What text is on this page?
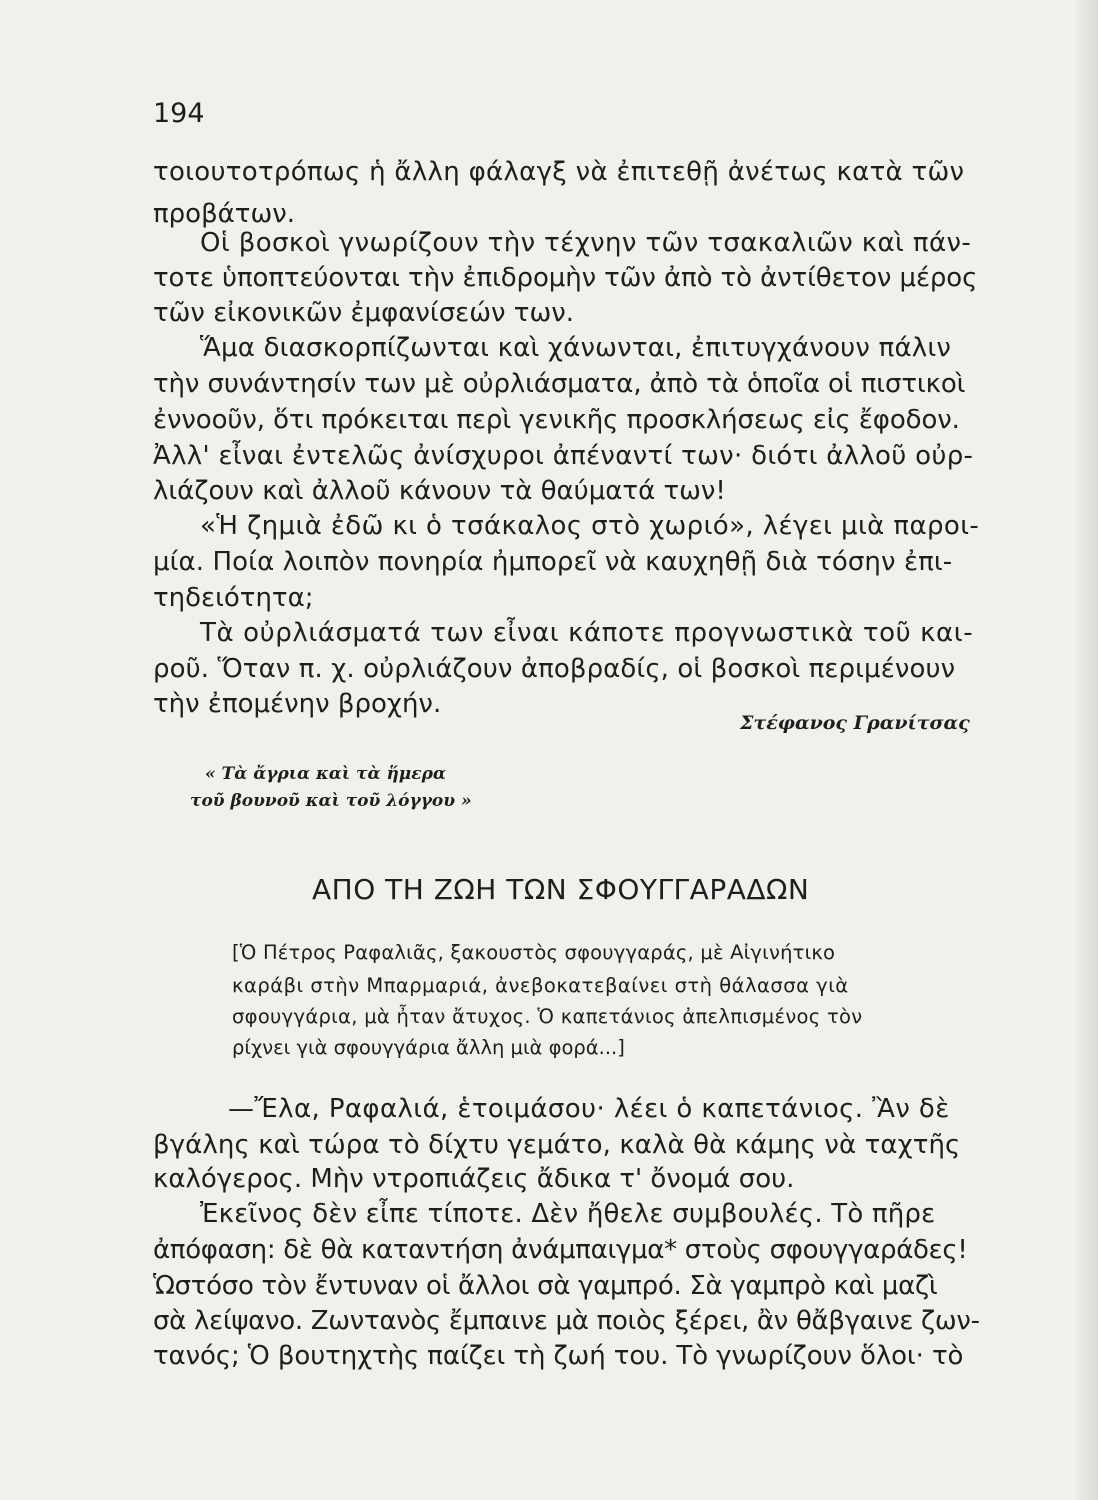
194

τοιουτοτρόπως ἡ ἄλλη φάλαγξ νὰ ἐπιτεθῇ ἀνέτως κατὰ τῶν

προβάτων.

Οἱ βοσκοὶ γνωρίζουν τὴν τέχνην τῶν τσακαλιῶν καὶ πάν-

τοτε ὑποπτεύονται τὴν ἐπιδρομὴν τῶν ἀπὸ τὸ ἀντίθετον μέρος

τῶν εἰκονικῶν ἐμφανίσεών των.

Ἅμα διασκορπίζωνται καὶ χάνωνται, ἐπιτυγχάνουν πάλιν

τὴν συνάντησίν των μὲ οὐρλιάσματα, ἀπὸ τὰ ὁποῖα οἱ πιστικοὶ

ἐννοοῦν, ὅτι πρόκειται περὶ γενικῆς προσκλήσεως εἰς ἔφοδον.

Ἀλλ' εἶναι ἐντελῶς ἀνίσχυροι ἀπέναντί των· διότι ἀλλοῦ οὐρ-

λιάζουν καὶ ἀλλοῦ κάνουν τὰ θαύματά των!

«Ἡ ζημιὰ ἐδῶ κι ὁ τσάκαλος στὸ χωριό», λέγει μιὰ παροι-

μία. Ποία λοιπὸν πονηρία ἠμπορεῖ νὰ καυχηθῇ διὰ τόσην ἐπι-

τηδειότητα;

Τὰ οὐρλιάσματά των εἶναι κάποτε προγνωστικὰ τοῦ και-

ροῦ. Ὅταν π. χ. οὐρλιάζουν ἀποβραδίς, οἱ βοσκοὶ περιμένουν

τὴν ἐπομένην βροχήν.

Στέφανος Γρανίτσας

« Τὰ ἄγρια καὶ τὰ ἥμερα

τοῦ βουνοῦ καὶ τοῦ λόγγου »

ΑΠΟ ΤΗ ΖΩΗ ΤΩΝ ΣΦΟΥΓΓΑΡΑΔΩΝ

[Ὁ Πέτρος Ραφαλιᾶς, ξακουστὸς σφουγγαράς, μὲ Αἰγινήτικο

καράβι στὴν Μπαρμαριά, ἀνεβοκατεβαίνει στὴ θάλασσα γιὰ

σφουγγάρια, μὰ ἦταν ἄτυχος. Ὁ καπετάνιος ἀπελπισμένος τὸν

ρίχνει γιὰ σφουγγάρια ἄλλη μιὰ φορά...]

—Ἔλα, Ραφαλιά, ἑτοιμάσου· λέει ὁ καπετάνιος. Ἂν δὲ

βγάλης καὶ τώρα τὸ δίχτυ γεμάτο, καλὰ θὰ κάμης νὰ ταχτῆς

καλόγερος. Μὴν ντροπιάζεις ἄδικα τ' ὄνομά σου.

Ἐκεῖνος δὲν εἶπε τίποτε. Δὲν ἤθελε συμβουλές. Τὸ πῆρε

ἀπόφαση: δὲ θὰ καταντήση ἀνάμπαιγμα* στοὺς σφουγγαράδες!

Ὡστόσο τὸν ἔντυναν οἱ ἄλλοι σὰ γαμπρό. Σὰ γαμπρὸ καὶ μαζὶ

σὰ λείψανο. Ζωντανὸς ἔμπαινε μὰ ποιὸς ξέρει, ἂν θἄβγαινε ζων-

τανός; Ὁ βουτηχτὴς παίζει τὴ ζωή του. Τὸ γνωρίζουν ὅλοι· τὸ
